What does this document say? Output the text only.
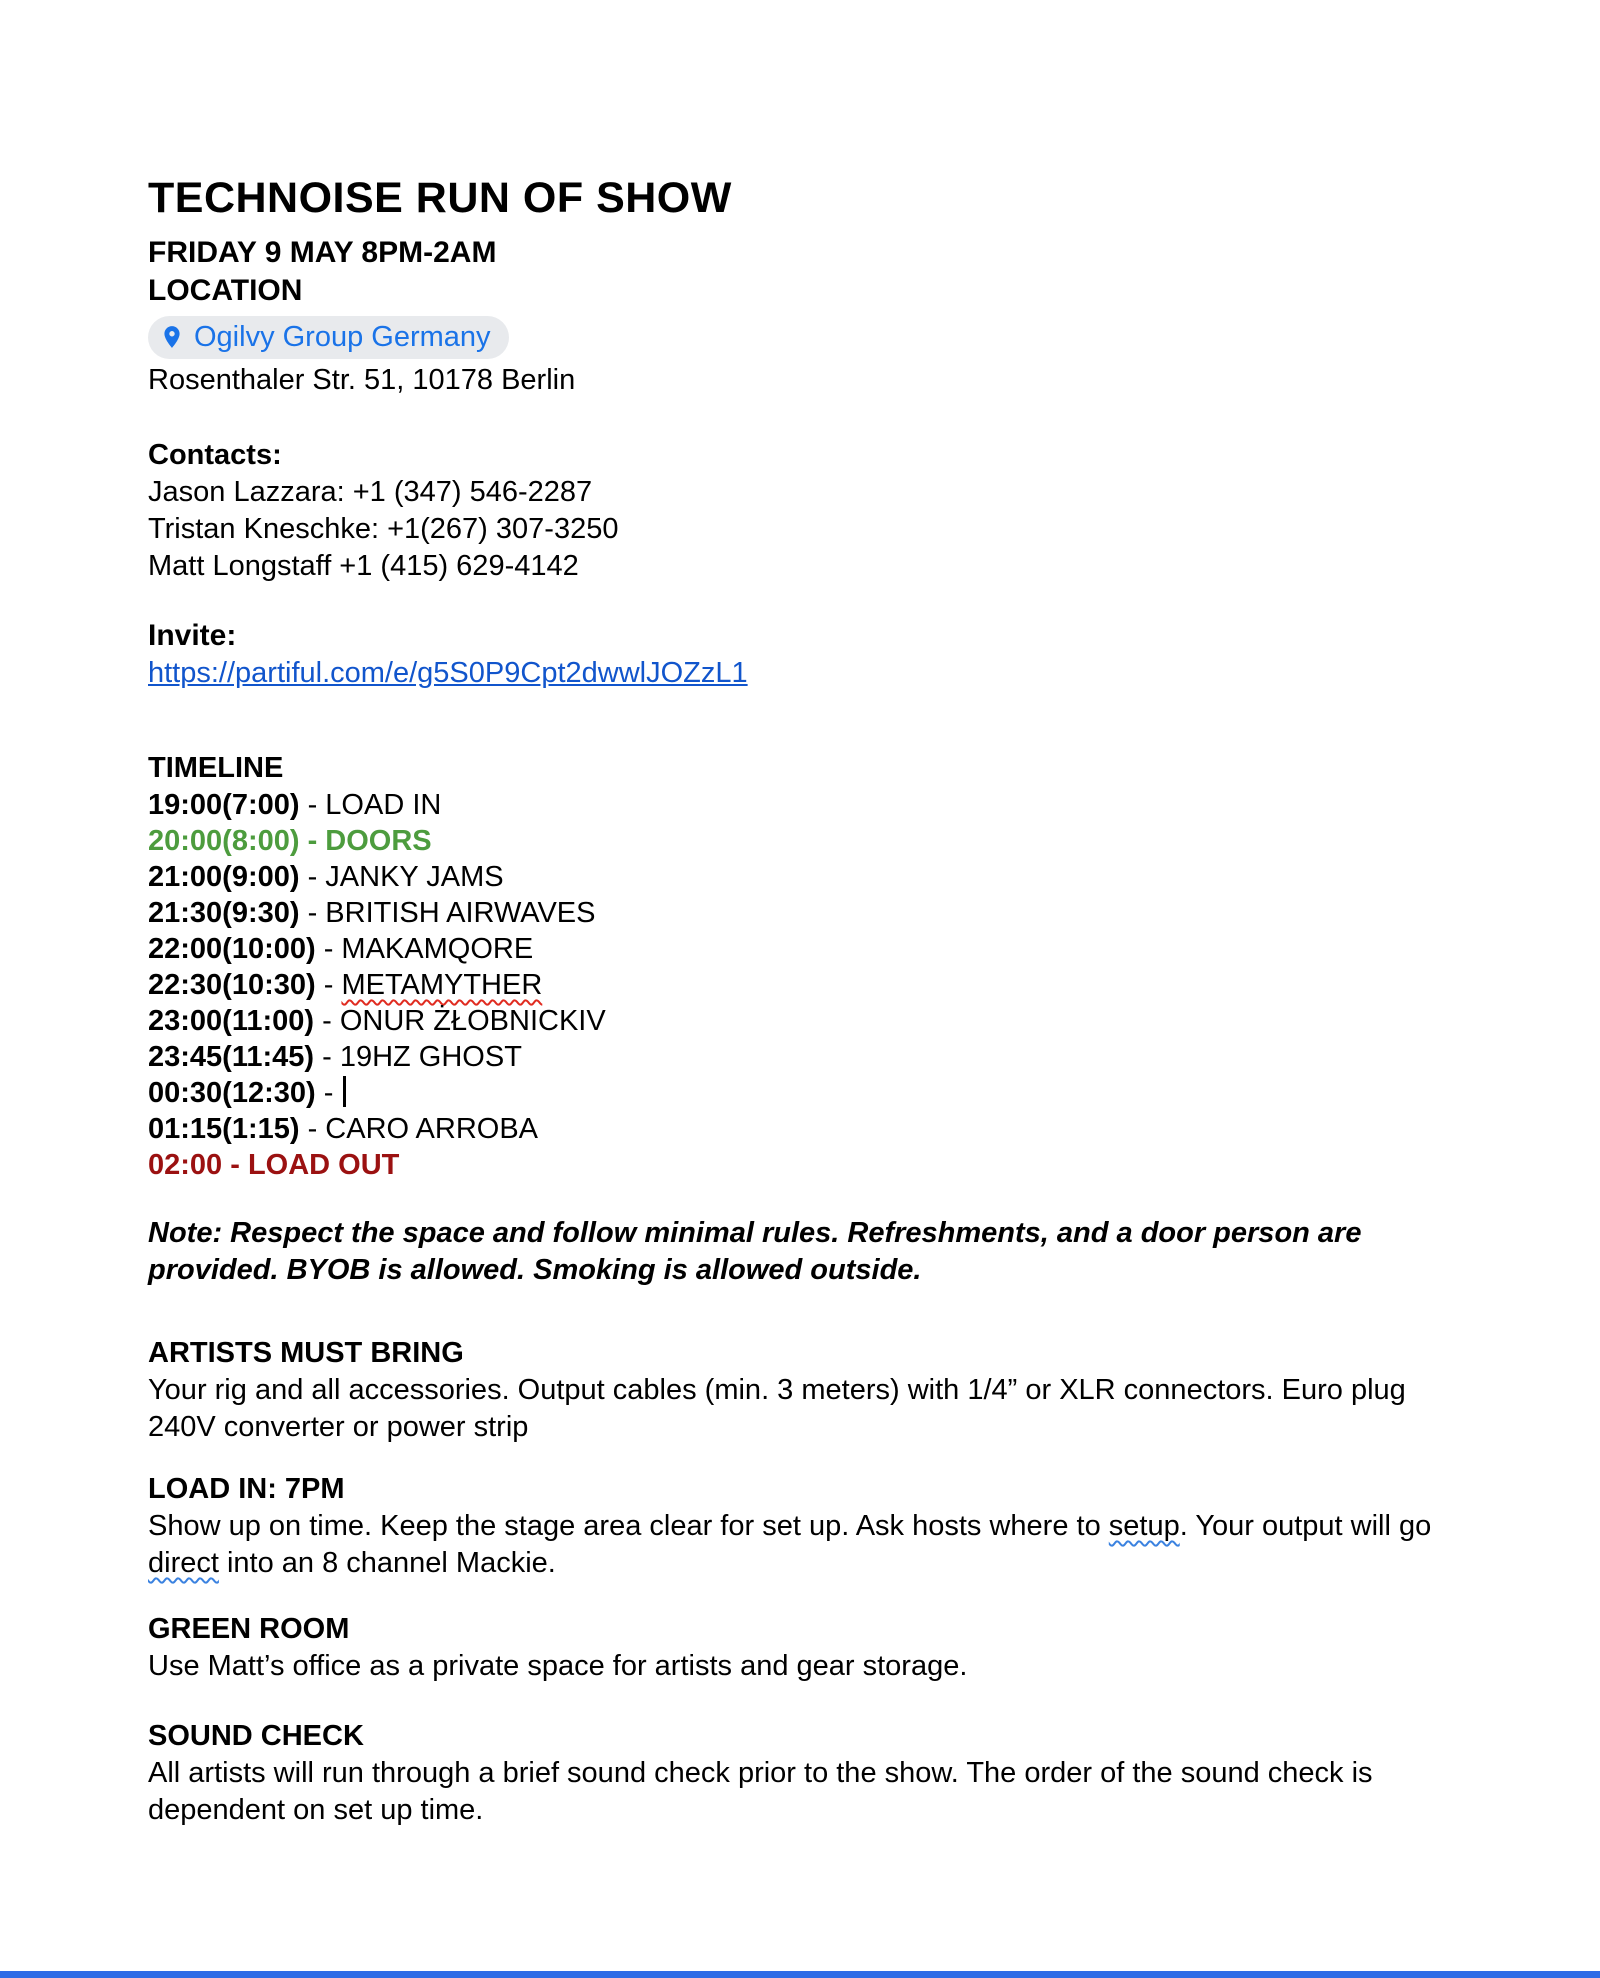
TECHNOISE RUN OF SHOW
FRIDAY 9 MAY 8PM-2AM
LOCATION
Ogilvy Group Germany

Rosenthaler Str. 51, 10178 Berlin

Contacts:

Jason Lazzara: +1 (347) 546-2287

Tristan Kneschke: +1(267) 307-3250

Matt Longstaff +1 (415) 629-4142

Invite:

https://partiful.com/e/g5S0P9Cpt2dwwlJOZzL1

TIMELINE

19:00(7:00) - LOAD IN

20:00(8:00) - DOORS

21:00(9:00) - JANKY JAMS

21:30(9:30) - BRITISH AIRWAVES

22:00(10:00) - MAKAMQORE

22:30(10:30) - METAMYTHER

23:00(11:00) - ONUR ŻŁOBNICKIV

23:45(11:45) - 19HZ GHOST

00:30(12:30) -

01:15(1:15) - CARO ARROBA

02:00 - LOAD OUT

Note: Respect the space and follow minimal rules. Refreshments, and a door person are provided. BYOB is allowed. Smoking is allowed outside.

ARTISTS MUST BRING

Your rig and all accessories. Output cables (min. 3 meters) with 1/4” or XLR connectors. Euro plug 240V converter or power strip

LOAD IN: 7PM

Show up on time. Keep the stage area clear for set up. Ask hosts where to setup. Your output will go direct into an 8 channel Mackie.

GREEN ROOM

Use Matt’s office as a private space for artists and gear storage.

SOUND CHECK

All artists will run through a brief sound check prior to the show. The order of the sound check is dependent on set up time.
